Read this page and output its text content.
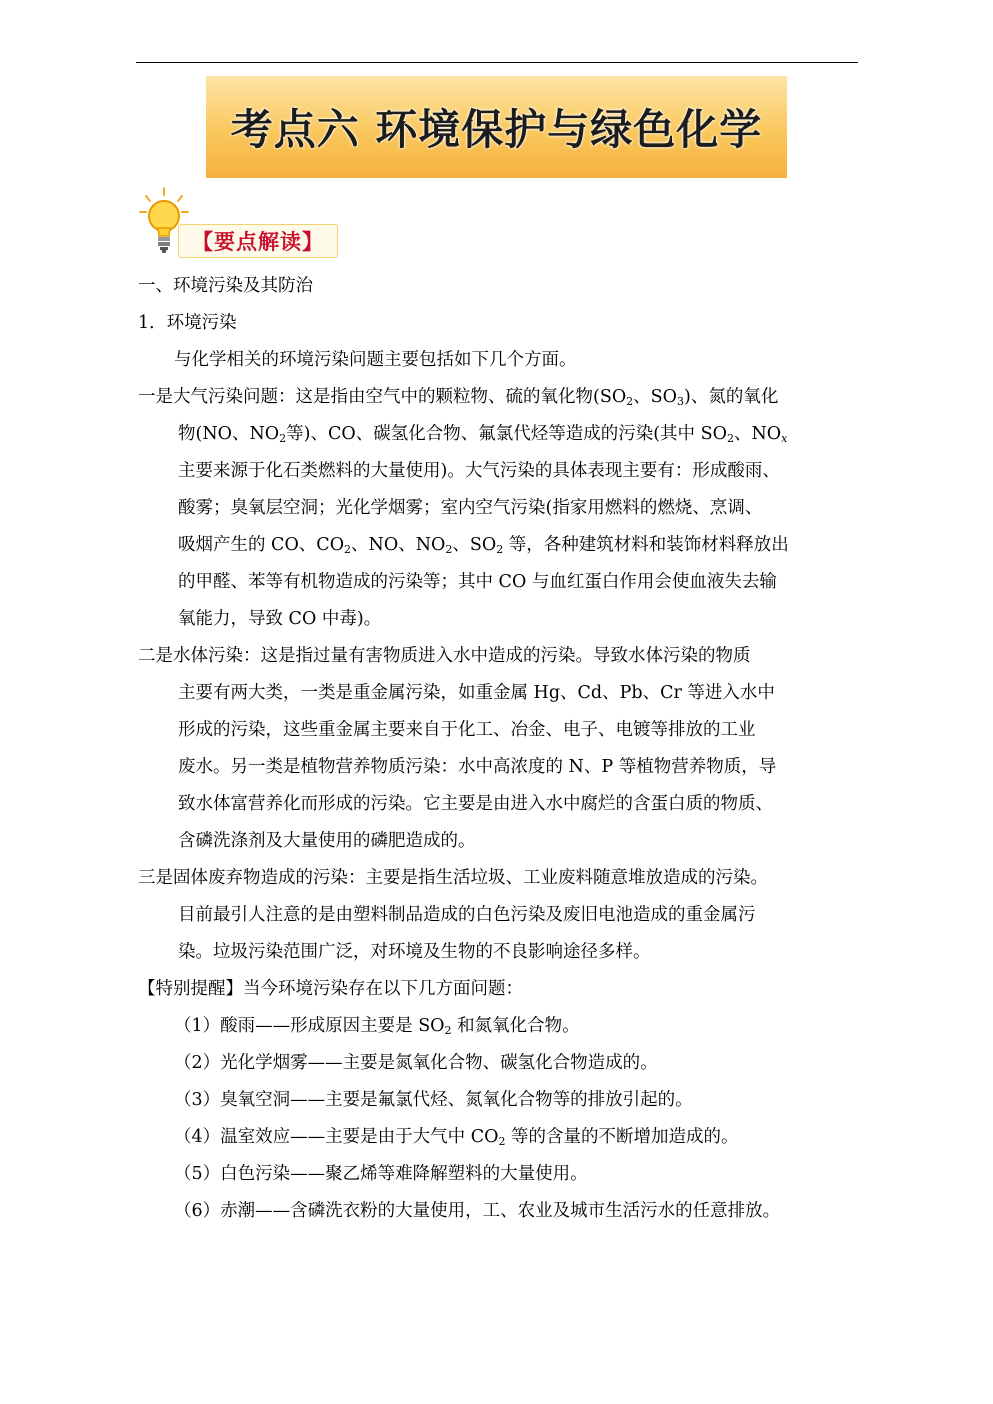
考点六 环境保护与绿色化学
【要点解读】
一、环境污染及其防治
1．环境污染
与化学相关的环境污染问题主要包括如下几个方面。
一是大气污染问题：这是指由空气中的颗粒物、硫的氧化物($SO_2$、$SO_3$)、氮的氧化
物(NO、$NO_2$等)、CO、碳氢化合物、氟氯代烃等造成的污染(其中 $SO_2$、$NO_x$
主要来源于化石类燃料的大量使用)。大气污染的具体表现主要有：形成酸雨、
酸雾；臭氧层空洞；光化学烟雾；室内空气污染(指家用燃料的燃烧、烹调、
吸烟产生的 CO、$CO_2$、NO、$NO_2$、$SO_2$ 等，各种建筑材料和装饰材料释放出
的甲醛、苯等有机物造成的污染等；其中 CO 与血红蛋白作用会使血液失去输
氧能力，导致 CO 中毒)。
二是水体污染：这是指过量有害物质进入水中造成的污染。导致水体污染的物质
主要有两大类，一类是重金属污染，如重金属 Hg、Cd、Pb、Cr 等进入水中
形成的污染，这些重金属主要来自于化工、冶金、电子、电镀等排放的工业
废水。另一类是植物营养物质污染：水中高浓度的 N、P 等植物营养物质，导
致水体富营养化而形成的污染。它主要是由进入水中腐烂的含蛋白质的物质、
含磷洗涤剂及大量使用的磷肥造成的。
三是固体废弃物造成的污染：主要是指生活垃圾、工业废料随意堆放造成的污染。
目前最引人注意的是由塑料制品造成的白色污染及废旧电池造成的重金属污
染。垃圾污染范围广泛，对环境及生物的不良影响途径多样。
【特别提醒】当今环境污染存在以下几方面问题：
（1）酸雨——形成原因主要是 $SO_2$ 和氮氧化合物。
（2）光化学烟雾——主要是氮氧化合物、碳氢化合物造成的。
（3）臭氧空洞——主要是氟氯代烃、氮氧化合物等的排放引起的。
（4）温室效应——主要是由于大气中 $CO_2$ 等的含量的不断增加造成的。
（5）白色污染——聚乙烯等难降解塑料的大量使用。
（6）赤潮——含磷洗衣粉的大量使用，工、农业及城市生活污水的任意排放。
